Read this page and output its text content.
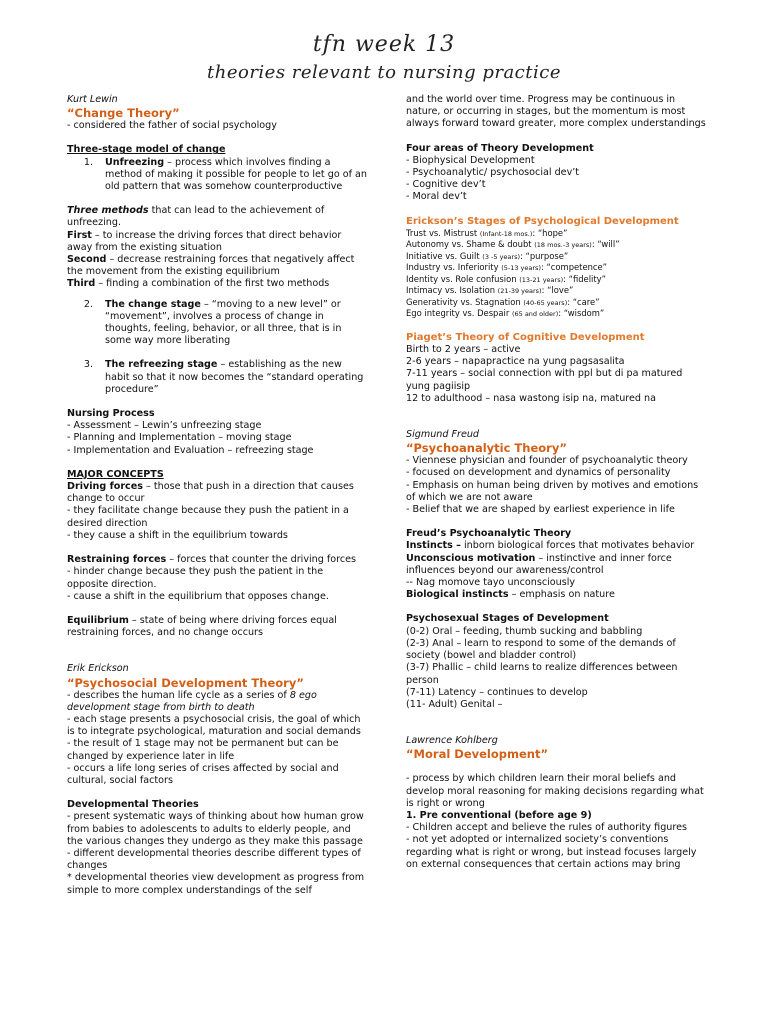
tfn week 13
theories relevant to nursing practice
Kurt Lewin
“Change Theory”
- considered the father of social psychology
Three-stage model of change
1.	Unfreezing – process which involves finding a method of making it possible for people to let go of an old pattern that was somehow counterproductive
Three methods that can lead to the achievement of unfreezing.
First – to increase the driving forces that direct behavior away from the existing situation
Second – decrease restraining forces that negatively affect the movement from the existing equilibrium
Third – finding a combination of the first two methods
2.	The change stage – “moving to a new level” or “movement”, involves a process of change in thoughts, feeling, behavior, or all three, that is in some way more liberating
3.	The refreezing stage – establishing as the new habit so that it now becomes the “standard operating procedure”
Nursing Process
- Assessment – Lewin’s unfreezing stage
- Planning and Implementation – moving stage
- Implementation and Evaluation – refreezing stage
MAJOR CONCEPTS
Driving forces – those that push in a direction that causes change to occur
- they facilitate change because they push the patient in a desired direction
- they cause a shift in the equilibrium towards
Restraining forces – forces that counter the driving forces
- hinder change because they push the patient in the opposite direction.
- cause a shift in the equilibrium that opposes change.
Equilibrium – state of being where driving forces equal restraining forces, and no change occurs
Erik Erickson
“Psychosocial Development Theory”
- describes the human life cycle as a series of 8 ego development stage from birth to death
- each stage presents a psychosocial crisis, the goal of which is to integrate psychological, maturation and social demands
- the result of 1 stage may not be permanent but can be changed by experience later in life
- occurs a life long series of crises affected by social and cultural, social factors
Developmental Theories
- present systematic ways of thinking about how human grow from babies to adolescents to adults to elderly people, and the various changes they undergo as they make this passage
- different developmental theories describe different types of changes
* developmental theories view development as progress from simple to more complex understandings of the self
and the world over time. Progress may be continuous in nature, or occurring in stages, but the momentum is most always forward toward greater, more complex understandings
Four areas of Theory Development
- Biophysical Development
- Psychoanalytic/ psychosocial dev’t
- Cognitive dev’t
- Moral dev’t
Erickson’s Stages of Psychological Development
Trust vs. Mistrust (Infant-18 mos.): “hope”
Autonomy vs. Shame & doubt (18 mos.-3 years): “will”
Initiative vs. Guilt (3 -5 years): “purpose”
Industry vs. Inferiority (5-13 years): “competence”
Identity vs. Role confusion (13-21 years): “fidelity”
Intimacy vs. Isolation (21-39 years): “love”
Generativity vs. Stagnation (40-65 years): “care”
Ego integrity vs. Despair (65 and older): “wisdom”
Piaget’s Theory of Cognitive Development
Birth to 2 years – active
2-6 years – napapractice na yung pagsasalita
7-11 years – social connection with ppl but di pa matured yung pagiisip
12 to adulthood – nasa wastong isip na, matured na
Sigmund Freud
“Psychoanalytic Theory”
- Viennese physician and founder of psychoanalytic theory
- focused on development and dynamics of personality
- Emphasis on human being driven by motives and emotions of which we are not aware
- Belief that we are shaped by earliest experience in life
Freud’s Psychoanalytic Theory
Instincts – inborn biological forces that motivates behavior
Unconscious motivation – instinctive and inner force influences beyond our awareness/control
-- Nag momove tayo unconsciously
Biological instincts – emphasis on nature
Psychosexual Stages of Development
(0-2) Oral – feeding, thumb sucking and babbling
(2-3) Anal – learn to respond to some of the demands of society (bowel and bladder control)
(3-7) Phallic – child learns to realize differences between person
(7-11) Latency – continues to develop
(11- Adult) Genital –
Lawrence Kohlberg
“Moral Development”
- process by which children learn their moral beliefs and develop moral reasoning for making decisions regarding what is right or wrong
1. Pre conventional (before age 9)
- Children accept and believe the rules of authority figures
- not yet adopted or internalized society’s conventions regarding what is right or wrong, but instead focuses largely on external consequences that certain actions may bring
